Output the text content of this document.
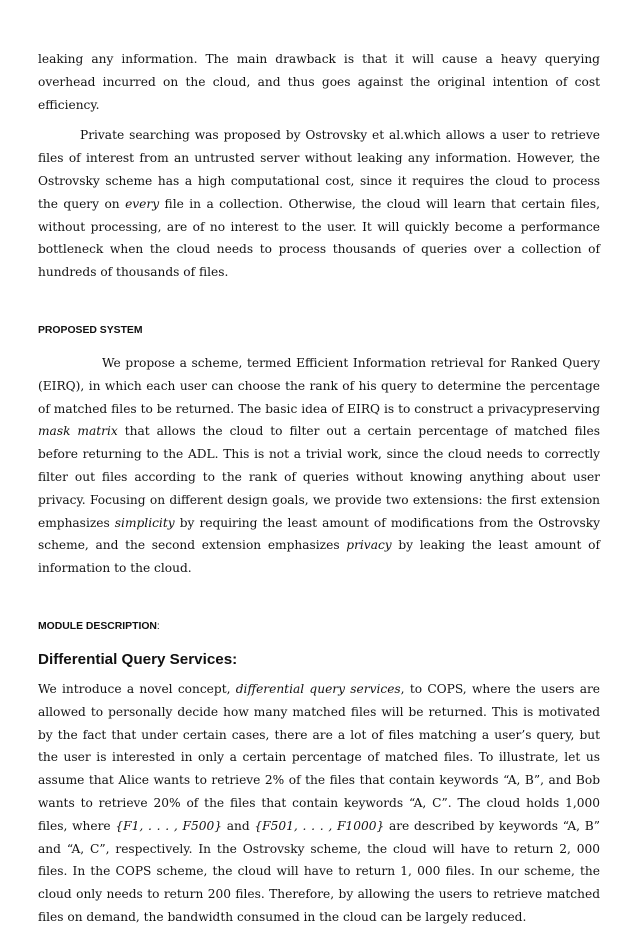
leaking any information. The main drawback is that it will cause a heavy querying overhead incurred on the cloud, and thus goes against the original intention of cost efficiency.

Private searching was proposed by Ostrovsky et al.which allows a user to retrieve files of interest from an untrusted server without leaking any information. However, the Ostrovsky scheme has a high computational cost, since it requires the cloud to process the query on every file in a collection. Otherwise, the cloud will learn that certain files, without processing, are of no interest to the user. It will quickly become a performance bottleneck when the cloud needs to process thousands of queries over a collection of hundreds of thousands of files.

PROPOSED SYSTEM

We propose a scheme, termed Efficient Information retrieval for Ranked Query (EIRQ), in which each user can choose the rank of his query to determine the percentage of matched files to be returned. The basic idea of EIRQ is to construct a privacypreserving mask matrix that allows the cloud to filter out a certain percentage of matched files before returning to the ADL. This is not a trivial work, since the cloud needs to correctly filter out files according to the rank of queries without knowing anything about user privacy. Focusing on different design goals, we provide two extensions: the first extension emphasizes simplicity by requiring the least amount of modifications from the Ostrovsky scheme, and the second extension emphasizes privacy by leaking the least amount of information to the cloud.

MODULE DESCRIPTION:

Differential Query Services:

We introduce a novel concept, differential query services, to COPS, where the users are allowed to personally decide how many matched files will be returned. This is motivated by the fact that under certain cases, there are a lot of files matching a user’s query, but the user is interested in only a certain percentage of matched files. To illustrate, let us assume that Alice wants to retrieve 2% of the files that contain keywords “A, B”, and Bob wants to retrieve 20% of the files that contain keywords “A, C”. The cloud holds 1,000 files, where {F1, . . . , F500} and {F501, . . . , F1000} are described by keywords “A, B” and “A, C”, respectively. In the Ostrovsky scheme, the cloud will have to return 2, 000 files. In the COPS scheme, the cloud will have to return 1, 000 files. In our scheme, the cloud only needs to return 200 files. Therefore, by allowing the users to retrieve matched files on demand, the bandwidth consumed in the cloud can be largely reduced.
